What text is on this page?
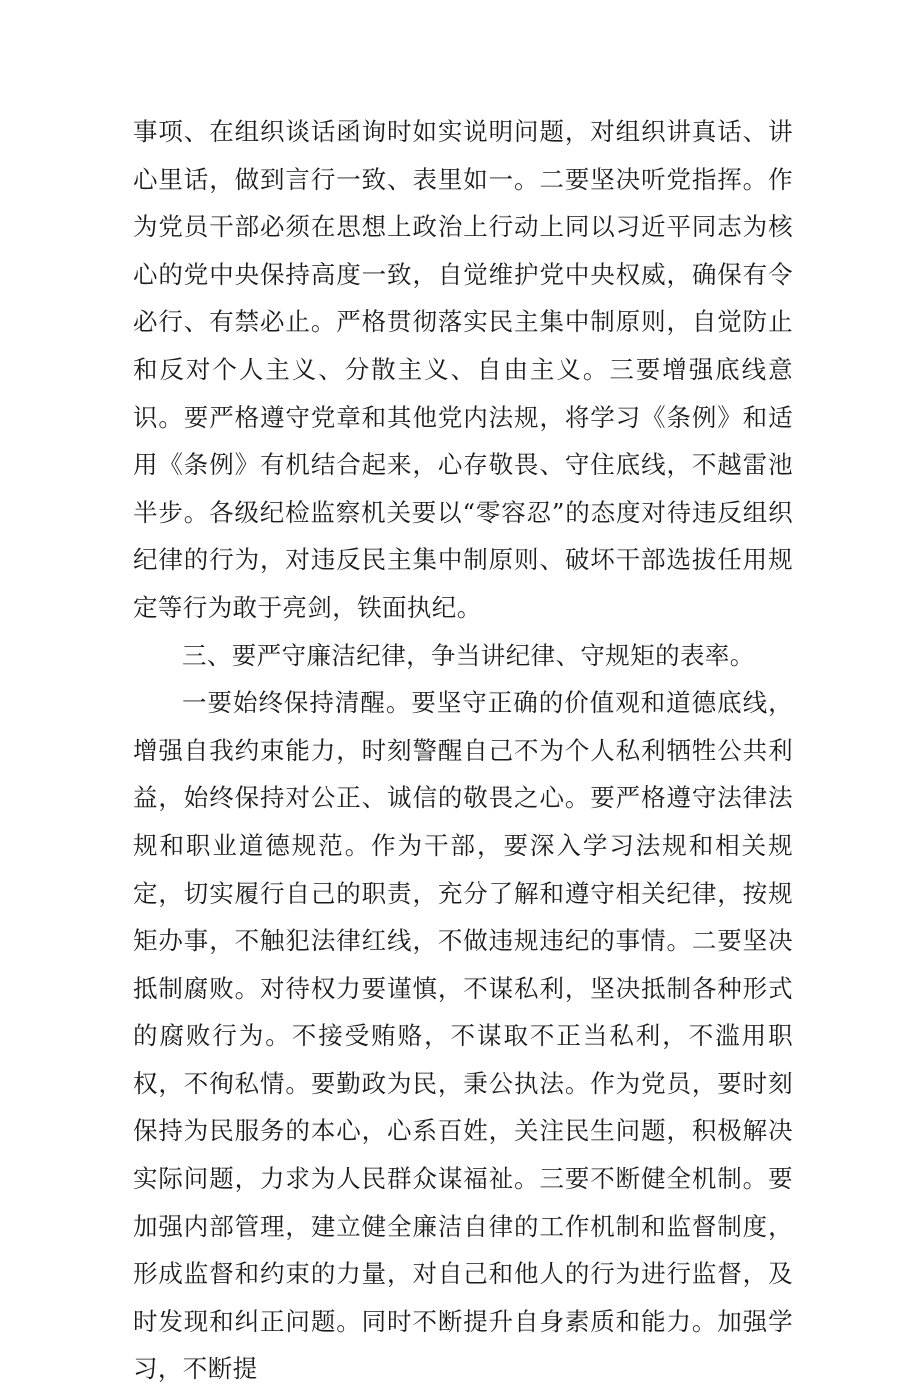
事项、在组织谈话函询时如实说明问题，对组织讲真话、讲心里话，做到言行一致、表里如一。二要坚决听党指挥。作为党员干部必须在思想上政治上行动上同以习近平同志为核心的党中央保持高度一致，自觉维护党中央权威，确保有令必行、有禁必止。严格贯彻落实民主集中制原则，自觉防止和反对个人主义、分散主义、自由主义。三要增强底线意识。要严格遵守党章和其他党内法规，将学习《条例》和适用《条例》有机结合起来，心存敬畏、守住底线，不越雷池半步。各级纪检监察机关要以“零容忍”的态度对待违反组织纪律的行为，对违反民主集中制原则、破坏干部选拔任用规定等行为敢于亮剑，铁面执纪。

三、要严守廉洁纪律，争当讲纪律、守规矩的表率。

一要始终保持清醒。要坚守正确的价值观和道德底线，增强自我约束能力，时刻警醒自己不为个人私利牺牲公共利益，始终保持对公正、诚信的敬畏之心。要严格遵守法律法规和职业道德规范。作为干部，要深入学习法规和相关规定，切实履行自己的职责，充分了解和遵守相关纪律，按规矩办事，不触犯法律红线，不做违规违纪的事情。二要坚决抵制腐败。对待权力要谨慎，不谋私利，坚决抵制各种形式的腐败行为。不接受贿赂，不谋取不正当私利，不滥用职权，不徇私情。要勤政为民，秉公执法。作为党员，要时刻保持为民服务的本心，心系百姓，关注民生问题，积极解决实际问题，力求为人民群众谋福祉。三要不断健全机制。要加强内部管理，建立健全廉洁自律的工作机制和监督制度，形成监督和约束的力量，对自己和他人的行为进行监督，及时发现和纠正问题。同时不断提升自身素质和能力。加强学习，不断提
